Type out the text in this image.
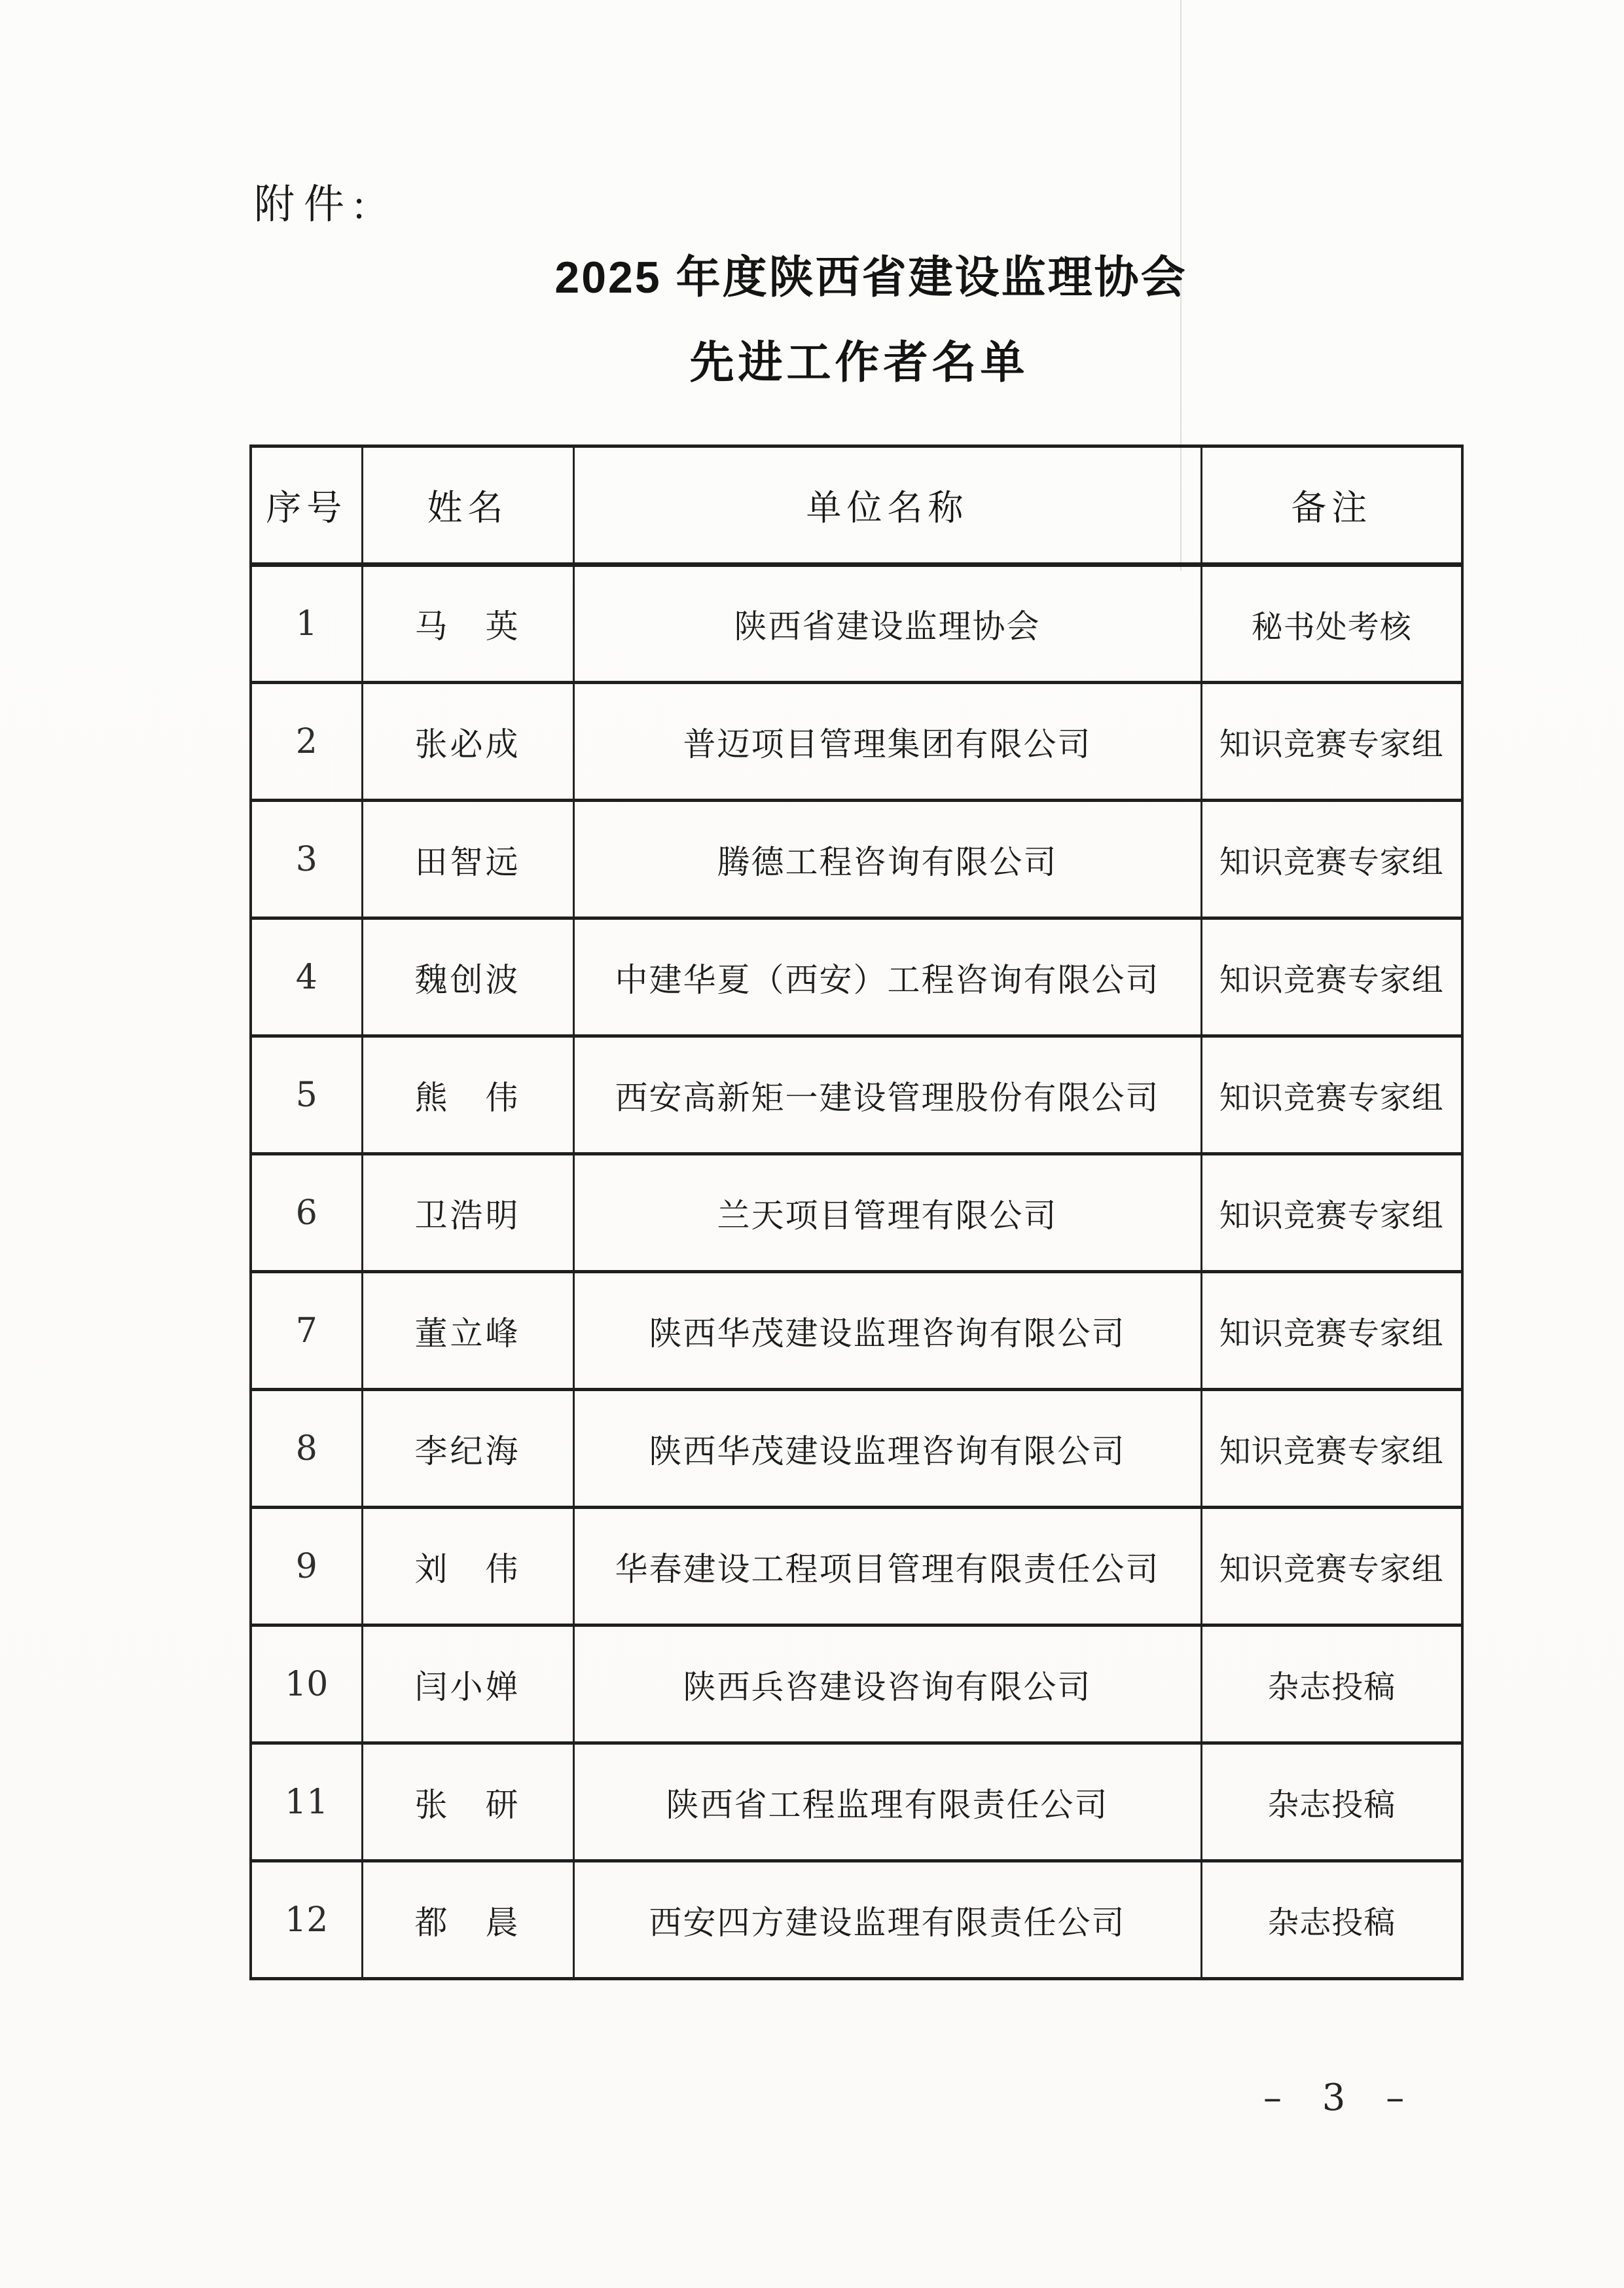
附件:
2025 年度陕西省建设监理协会
先进工作者名单
序号	姓名	单位名称	备注
1	马　英	陕西省建设监理协会	秘书处考核
2	张必成	普迈项目管理集团有限公司	知识竞赛专家组
3	田智远	腾德工程咨询有限公司	知识竞赛专家组
4	魏创波	中建华夏（西安）工程咨询有限公司	知识竞赛专家组
5	熊　伟	西安高新矩一建设管理股份有限公司	知识竞赛专家组
6	卫浩明	兰天项目管理有限公司	知识竞赛专家组
7	董立峰	陕西华茂建设监理咨询有限公司	知识竞赛专家组
8	李纪海	陕西华茂建设监理咨询有限公司	知识竞赛专家组
9	刘　伟	华春建设工程项目管理有限责任公司	知识竞赛专家组
10	闫小婵	陕西兵咨建设咨询有限公司	杂志投稿
11	张　研	陕西省工程监理有限责任公司	杂志投稿
12	都　晨	西安四方建设监理有限责任公司	杂志投稿
– 3 –
